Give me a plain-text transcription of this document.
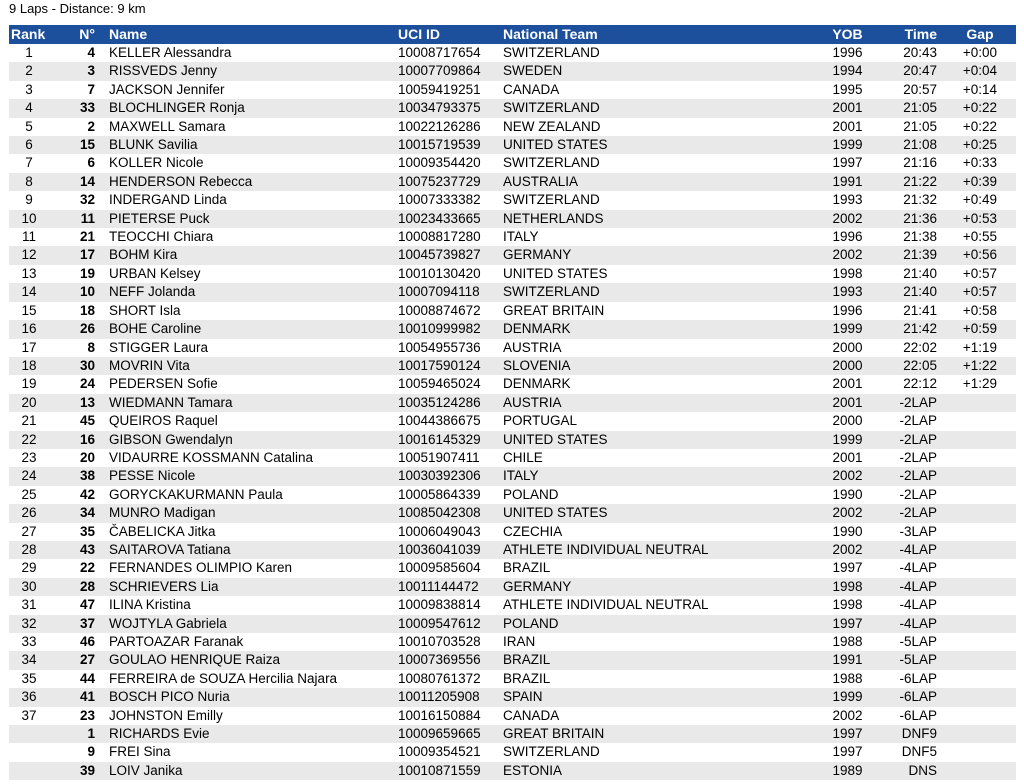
9 Laps - Distance: 9 km
Rank	N°	Name	UCI ID	National Team	YOB	Time	Gap
1	4	KELLER Alessandra	10008717654	SWITZERLAND	1996	20:43	+0:00
2	3	RISSVEDS Jenny	10007709864	SWEDEN	1994	20:47	+0:04
3	7	JACKSON Jennifer	10059419251	CANADA	1995	20:57	+0:14
4	33	BLOCHLINGER Ronja	10034793375	SWITZERLAND	2001	21:05	+0:22
5	2	MAXWELL Samara	10022126286	NEW ZEALAND	2001	21:05	+0:22
6	15	BLUNK Savilia	10015719539	UNITED STATES	1999	21:08	+0:25
7	6	KOLLER Nicole	10009354420	SWITZERLAND	1997	21:16	+0:33
8	14	HENDERSON Rebecca	10075237729	AUSTRALIA	1991	21:22	+0:39
9	32	INDERGAND Linda	10007333382	SWITZERLAND	1993	21:32	+0:49
10	11	PIETERSE Puck	10023433665	NETHERLANDS	2002	21:36	+0:53
11	21	TEOCCHI Chiara	10008817280	ITALY	1996	21:38	+0:55
12	17	BOHM Kira	10045739827	GERMANY	2002	21:39	+0:56
13	19	URBAN Kelsey	10010130420	UNITED STATES	1998	21:40	+0:57
14	10	NEFF Jolanda	10007094118	SWITZERLAND	1993	21:40	+0:57
15	18	SHORT Isla	10008874672	GREAT BRITAIN	1996	21:41	+0:58
16	26	BOHE Caroline	10010999982	DENMARK	1999	21:42	+0:59
17	8	STIGGER Laura	10054955736	AUSTRIA	2000	22:02	+1:19
18	30	MOVRIN Vita	10017590124	SLOVENIA	2000	22:05	+1:22
19	24	PEDERSEN Sofie	10059465024	DENMARK	2001	22:12	+1:29
20	13	WIEDMANN Tamara	10035124286	AUSTRIA	2001	-2LAP	
21	45	QUEIROS Raquel	10044386675	PORTUGAL	2000	-2LAP	
22	16	GIBSON Gwendalyn	10016145329	UNITED STATES	1999	-2LAP	
23	20	VIDAURRE KOSSMANN Catalina	10051907411	CHILE	2001	-2LAP	
24	38	PESSE Nicole	10030392306	ITALY	2002	-2LAP	
25	42	GORYCKAKURMANN Paula	10005864339	POLAND	1990	-2LAP	
26	34	MUNRO Madigan	10085042308	UNITED STATES	2002	-2LAP	
27	35	ČABELICKA Jitka	10006049043	CZECHIA	1990	-3LAP	
28	43	SAITAROVA Tatiana	10036041039	ATHLETE INDIVIDUAL NEUTRAL	2002	-4LAP	
29	22	FERNANDES OLIMPIO Karen	10009585604	BRAZIL	1997	-4LAP	
30	28	SCHRIEVERS Lia	10011144472	GERMANY	1998	-4LAP	
31	47	ILINA Kristina	10009838814	ATHLETE INDIVIDUAL NEUTRAL	1998	-4LAP	
32	37	WOJTYLA Gabriela	10009547612	POLAND	1997	-4LAP	
33	46	PARTOAZAR Faranak	10010703528	IRAN	1988	-5LAP	
34	27	GOULAO HENRIQUE Raiza	10007369556	BRAZIL	1991	-5LAP	
35	44	FERREIRA de SOUZA Hercilia Najara	10080761372	BRAZIL	1988	-6LAP	
36	41	BOSCH PICO Nuria	10011205908	SPAIN	1999	-6LAP	
37	23	JOHNSTON Emilly	10016150884	CANADA	2002	-6LAP	
	1	RICHARDS Evie	10009659665	GREAT BRITAIN	1997	DNF9	
	9	FREI Sina	10009354521	SWITZERLAND	1997	DNF5	
	39	LOIV Janika	10010871559	ESTONIA	1989	DNS	
